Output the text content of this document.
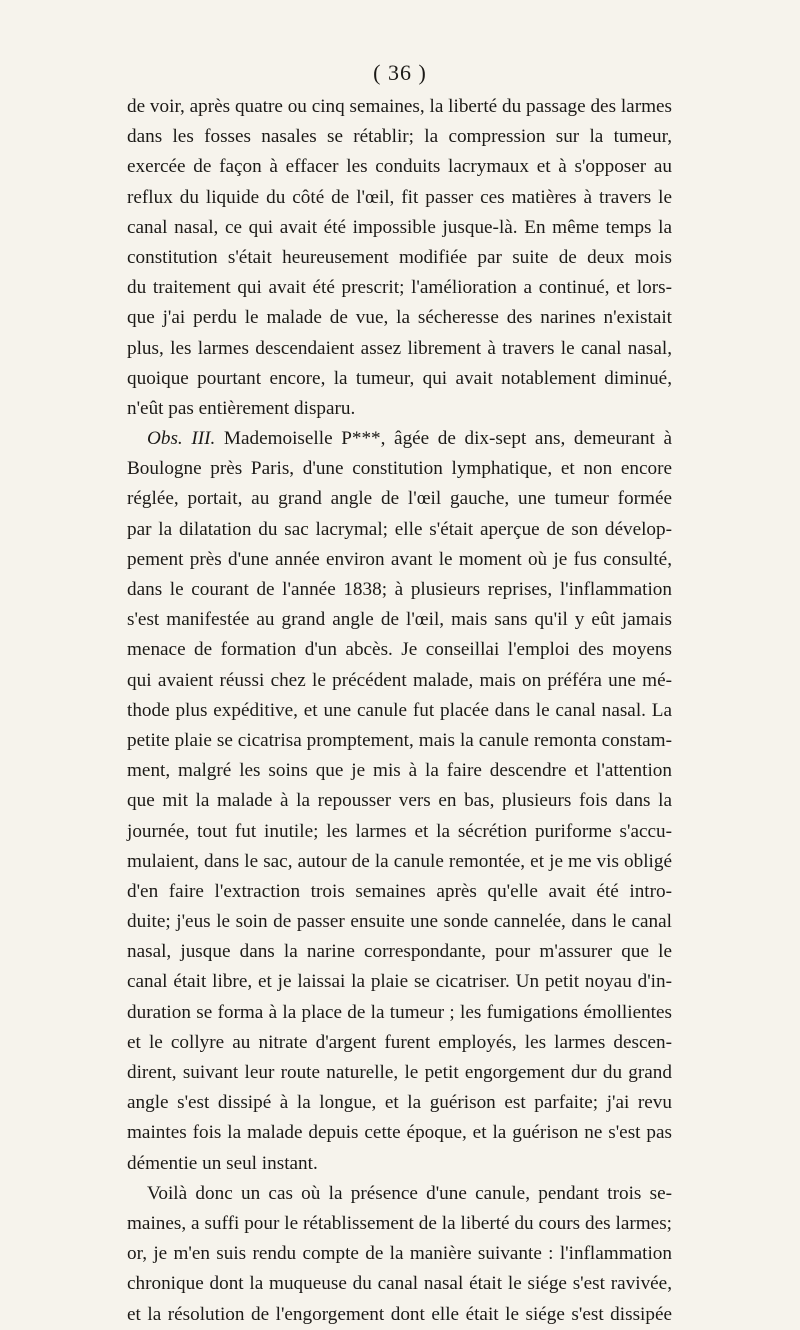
( 36 )
de voir, après quatre ou cinq semaines, la liberté du passage des larmes
dans les fosses nasales se rétablir; la compression sur la tumeur,
exercée de façon à effacer les conduits lacrymaux et à s'opposer au
reflux du liquide du côté de l'œil, fit passer ces matières à travers le
canal nasal, ce qui avait été impossible jusque-là. En même temps la
constitution s'était heureusement modifiée par suite de deux mois
du traitement qui avait été prescrit; l'amélioration a continué, et lors-
que j'ai perdu le malade de vue, la sécheresse des narines n'existait
plus, les larmes descendaient assez librement à travers le canal nasal,
quoique pourtant encore, la tumeur, qui avait notablement diminué,
n'eût pas entièrement disparu.
Obs. III. Mademoiselle P***, âgée de dix-sept ans, demeurant à
Boulogne près Paris, d'une constitution lymphatique, et non encore
réglée, portait, au grand angle de l'œil gauche, une tumeur formée
par la dilatation du sac lacrymal; elle s'était aperçue de son dévelop-
pement près d'une année environ avant le moment où je fus consulté,
dans le courant de l'année 1838; à plusieurs reprises, l'inflammation
s'est manifestée au grand angle de l'œil, mais sans qu'il y eût jamais
menace de formation d'un abcès. Je conseillai l'emploi des moyens
qui avaient réussi chez le précédent malade, mais on préféra une mé-
thode plus expéditive, et une canule fut placée dans le canal nasal. La
petite plaie se cicatrisa promptement, mais la canule remonta constam-
ment, malgré les soins que je mis à la faire descendre et l'attention
que mit la malade à la repousser vers en bas, plusieurs fois dans la
journée, tout fut inutile; les larmes et la sécrétion puriforme s'accu-
mulaient, dans le sac, autour de la canule remontée, et je me vis obligé
d'en faire l'extraction trois semaines après qu'elle avait été intro-
duite; j'eus le soin de passer ensuite une sonde cannelée, dans le canal
nasal, jusque dans la narine correspondante, pour m'assurer que le
canal était libre, et je laissai la plaie se cicatriser. Un petit noyau d'in-
duration se forma à la place de la tumeur ; les fumigations émollientes
et le collyre au nitrate d'argent furent employés, les larmes descen-
dirent, suivant leur route naturelle, le petit engorgement dur du grand
angle s'est dissipé à la longue, et la guérison est parfaite; j'ai revu
maintes fois la malade depuis cette époque, et la guérison ne s'est pas
démentie un seul instant.
Voilà donc un cas où la présence d'une canule, pendant trois se-
maines, a suffi pour le rétablissement de la liberté du cours des larmes;
or, je m'en suis rendu compte de la manière suivante : l'inflammation
chronique dont la muqueuse du canal nasal était le siége s'est ravivée,
et la résolution de l'engorgement dont elle était le siége s'est dissipée
